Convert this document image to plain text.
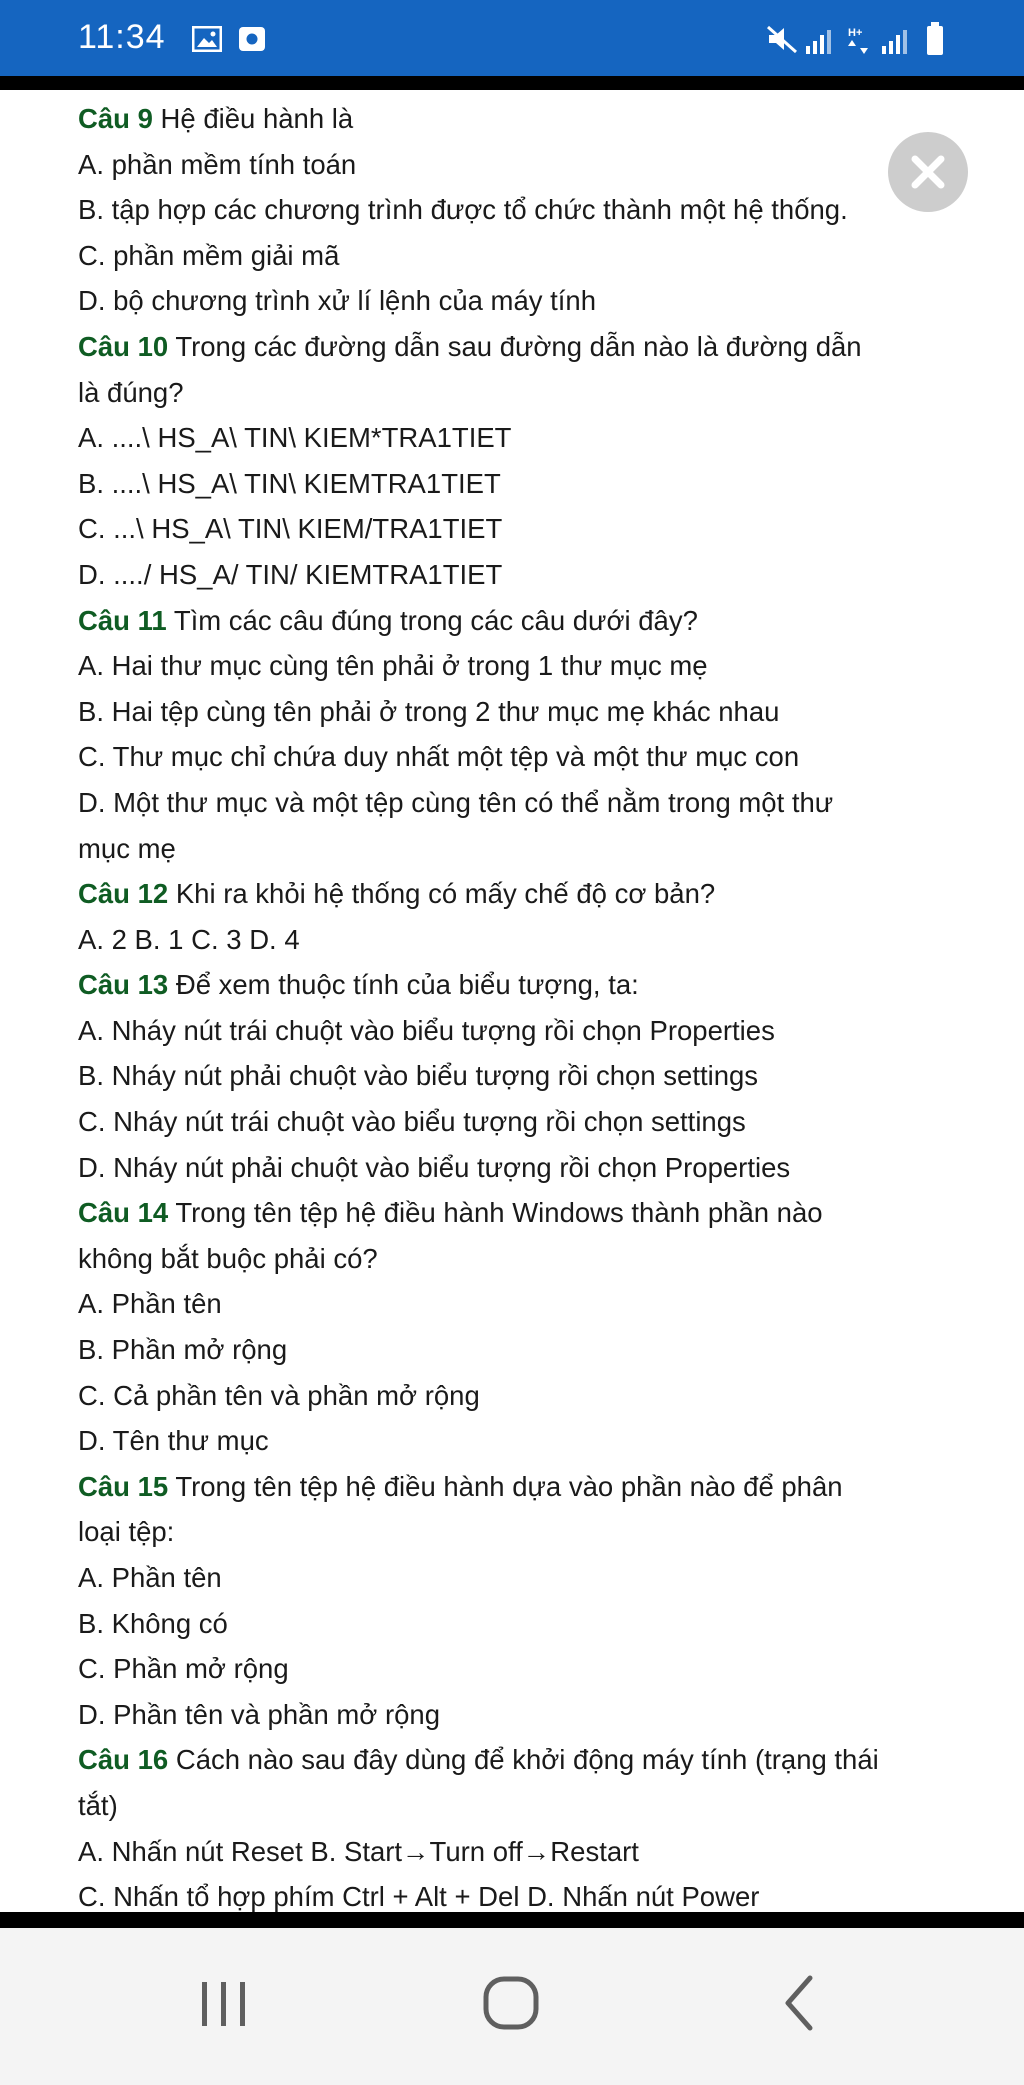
11:34	H+
Câu 9 Hệ điều hành là
A. phần mềm tính toán
B. tập hợp các chương trình được tổ chức thành một hệ thống.
C. phần mềm giải mã
D. bộ chương trình xử lí lệnh của máy tính
Câu 10 Trong các đường dẫn sau đường dẫn nào là đường dẫn
là đúng?
A. ....\ HS_A\ TIN\ KIEM*TRA1TIET
B. ....\ HS_A\ TIN\ KIEMTRA1TIET
C. ...\ HS_A\ TIN\ KIEM/TRA1TIET
D. ..../ HS_A/ TIN/ KIEMTRA1TIET
Câu 11 Tìm các câu đúng trong các câu dưới đây?
A. Hai thư mục cùng tên phải ở trong 1 thư mục mẹ
B. Hai tệp cùng tên phải ở trong 2 thư mục mẹ khác nhau
C. Thư mục chỉ chứa duy nhất một tệp và một thư mục con
D. Một thư mục và một tệp cùng tên có thể nằm trong một thư
mục mẹ
Câu 12 Khi ra khỏi hệ thống có mấy chế độ cơ bản?
A. 2 B. 1 C. 3 D. 4
Câu 13 Để xem thuộc tính của biểu tượng, ta:
A. Nháy nút trái chuột vào biểu tượng rồi chọn Properties
B. Nháy nút phải chuột vào biểu tượng rồi chọn settings
C. Nháy nút trái chuột vào biểu tượng rồi chọn settings
D. Nháy nút phải chuột vào biểu tượng rồi chọn Properties
Câu 14 Trong tên tệp hệ điều hành Windows thành phần nào
không bắt buộc phải có?
A. Phần tên
B. Phần mở rộng
C. Cả phần tên và phần mở rộng
D. Tên thư mục
Câu 15 Trong tên tệp hệ điều hành dựa vào phần nào để phân
loại tệp:
A. Phần tên
B. Không có
C. Phần mở rộng
D. Phần tên và phần mở rộng
Câu 16 Cách nào sau đây dùng để khởi động máy tính (trạng thái
tắt)
A. Nhấn nút Reset B. Start→Turn off→Restart
C. Nhấn tổ hợp phím Ctrl + Alt + Del D. Nhấn nút Power
